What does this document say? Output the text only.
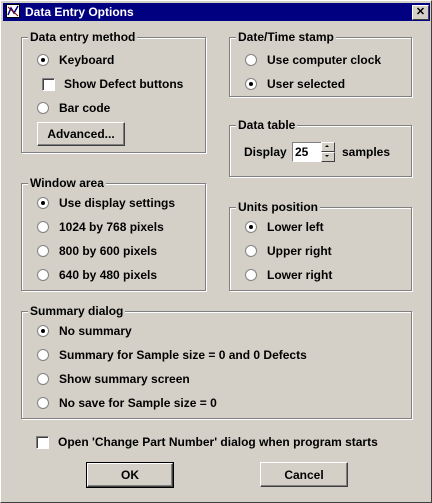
Data Entry Options	✕
Data entry method
Keyboard
Show Defect buttons
Bar code
Advanced...
Date/Time stamp
Use computer clock
User selected
Data table
Display 25	samples
Window area
Use display settings
1024 by 768 pixels
800 by 600 pixels
640 by 480 pixels
Units position
Lower left
Upper right
Lower right
Summary dialog
No summary
Summary for Sample size = 0 and 0 Defects
Show summary screen
No save for Sample size = 0
Open 'Change Part Number' dialog when program starts
OK	Cancel
